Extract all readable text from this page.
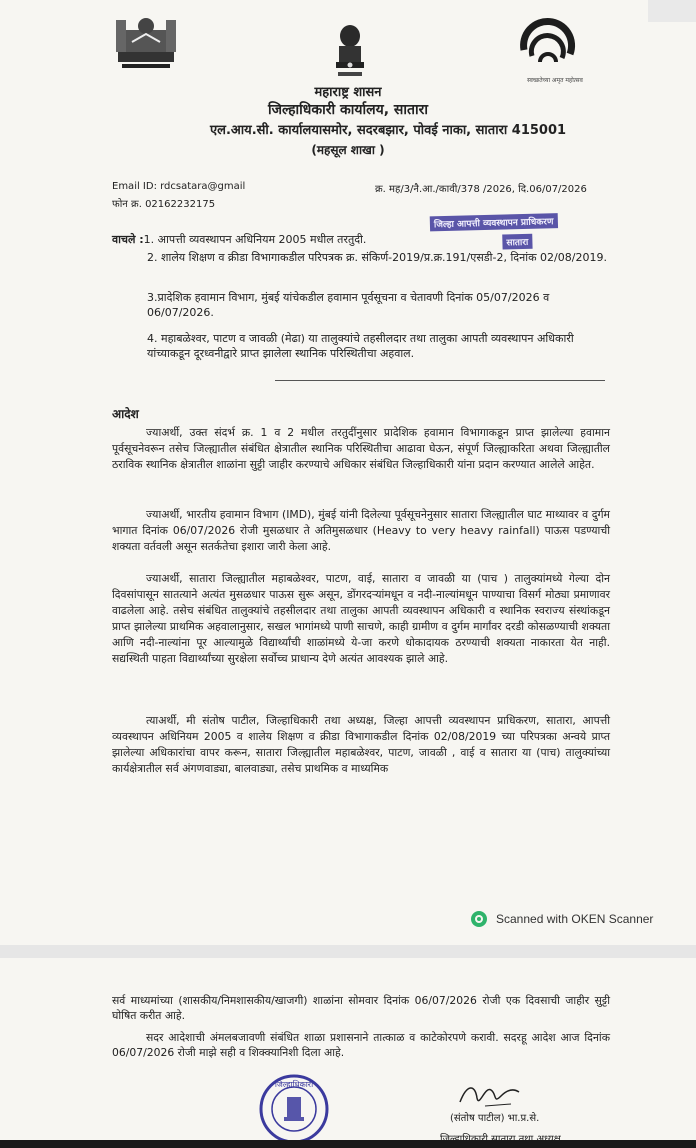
स्वच्छतेच्या अमृत महोत्सव
महाराष्ट्र शासन
जिल्हाधिकारी कार्यालय, सातारा
एल.आय.सी. कार्यालयासमोर, सदरबझार, पोवई नाका, सातारा 415001
(महसूल शाखा )
Email ID: rdcsatara@gmail
फोन क्र. 02162232175
क्र. मह/3/नै.आ./कावी/378 /2026, दि.06/07/2026
जिल्हा आपत्ती व्यवस्थापन प्राधिकरण
सातारा
वाचले :1. आपत्ती व्यवस्थापन अधिनियम 2005 मधील तरतुदी.
2. शालेय शिक्षण व क्रीडा विभागाकडील परिपत्रक क्र. संकिर्ण-2019/प्र.क्र.191/एसडी-2, दिनांक 02/08/2019.
3.प्रादेशिक हवामान विभाग, मुंबई यांचेकडील हवामान पूर्वसूचना व चेतावणी दिनांक 05/07/2026 व 06/07/2026.
4. महाबळेश्वर, पाटण व जावळी (मेढा) या तालुक्यांचे तहसीलदार तथा तालुका आपती व्यवस्थापन अधिकारी यांच्याकडून दूरध्वनीद्वारे प्राप्त झालेला स्थानिक परिस्थितीचा अहवाल.
आदेश
ज्याअर्थी, उक्त संदर्भ क्र. 1 व 2 मधील तरतुदींनुसार प्रादेशिक हवामान विभागाकडून प्राप्त झालेल्या हवामान पूर्वसूचनेवरून तसेच जिल्ह्यातील संबंधित क्षेत्रातील स्थानिक परिस्थितीचा आढावा घेऊन, संपूर्ण जिल्ह्याकरिता अथवा जिल्ह्यातील ठराविक स्थानिक क्षेत्रातील शाळांना सुट्टी जाहीर करण्याचे अधिकार संबंधित जिल्हाधिकारी यांना प्रदान करण्यात आलेले आहेत.
ज्याअर्थी, भारतीय हवामान विभाग (IMD), मुंबई यांनी दिलेल्या पूर्वसूचनेनुसार सातारा जिल्ह्यातील घाट माथ्यावर व दुर्गम भागात दिनांक 06/07/2026 रोजी मुसळधार ते अतिमुसळधार (Heavy to very heavy rainfall) पाऊस पडण्याची शक्यता वर्तवली असून सतर्कतेचा इशारा जारी केला आहे.
ज्याअर्थी, सातारा जिल्ह्यातील महाबळेश्वर, पाटण, वाई, सातारा व जावळी या (पाच ) तालुक्यांमध्ये गेल्या दोन दिवसांपासून सातत्याने अत्यंत मुसळधार पाऊस सुरू असून, डोंगरदऱ्यांमधून व नदी-नाल्यांमधून पाण्याचा विसर्ग मोठ्या प्रमाणावर वाढलेला आहे. तसेच संबंधित तालुक्यांचे तहसीलदार तथा तालुका आपती व्यवस्थापन अधिकारी व स्थानिक स्वराज्य संस्थांकडून प्राप्त झालेल्या प्राथमिक अहवालानुसार, सखल भागांमध्ये पाणी साचणे, काही ग्रामीण व दुर्गम मार्गांवर दरडी कोसळण्याची शक्यता आणि नदी-नाल्यांना पूर आल्यामुळे विद्यार्थ्यांची शाळांमध्ये ये-जा करणे धोकादायक ठरण्याची शक्यता नाकारता येत नाही. सद्यस्थिती पाहता विद्यार्थ्यांच्या सुरक्षेला सर्वोच्च प्राधान्य देणे अत्यंत आवश्यक झाले आहे.
त्याअर्थी, मी संतोष पाटील, जिल्हाधिकारी तथा अध्यक्ष, जिल्हा आपत्ती व्यवस्थापन प्राधिकरण, सातारा, आपत्ती व्यवस्थापन अधिनियम 2005 व शालेय शिक्षण व क्रीडा विभागाकडील दिनांक 02/08/2019 च्या परिपत्रका अन्वये प्राप्त झालेल्या अधिकारांचा वापर करून, सातारा जिल्ह्यातील महाबळेश्वर, पाटण, जावळी , वाई व सातारा या (पाच) तालुक्यांच्या कार्यक्षेत्रातील सर्व अंगणवाड्या, बालवाड्या, तसेच प्राथमिक व माध्यमिक
Scanned with OKEN Scanner
सर्व माध्यमांच्या (शासकीय/निमशासकीय/खाजगी) शाळांना सोमवार दिनांक 06/07/2026 रोजी एक दिवसाची जाहीर सुट्टी घोषित करीत आहे.
सदर आदेशाची अंमलबजावणी संबंधित शाळा प्रशासनाने तात्काळ व काटेकोरपणे करावी. सदरहू आदेश आज दिनांक 06/07/2026 रोजी माझे सही व शिक्क्यानिशी दिला आहे.
जिल्हाधिकारी
(संतोष पाटील) भा.प्र.से.
